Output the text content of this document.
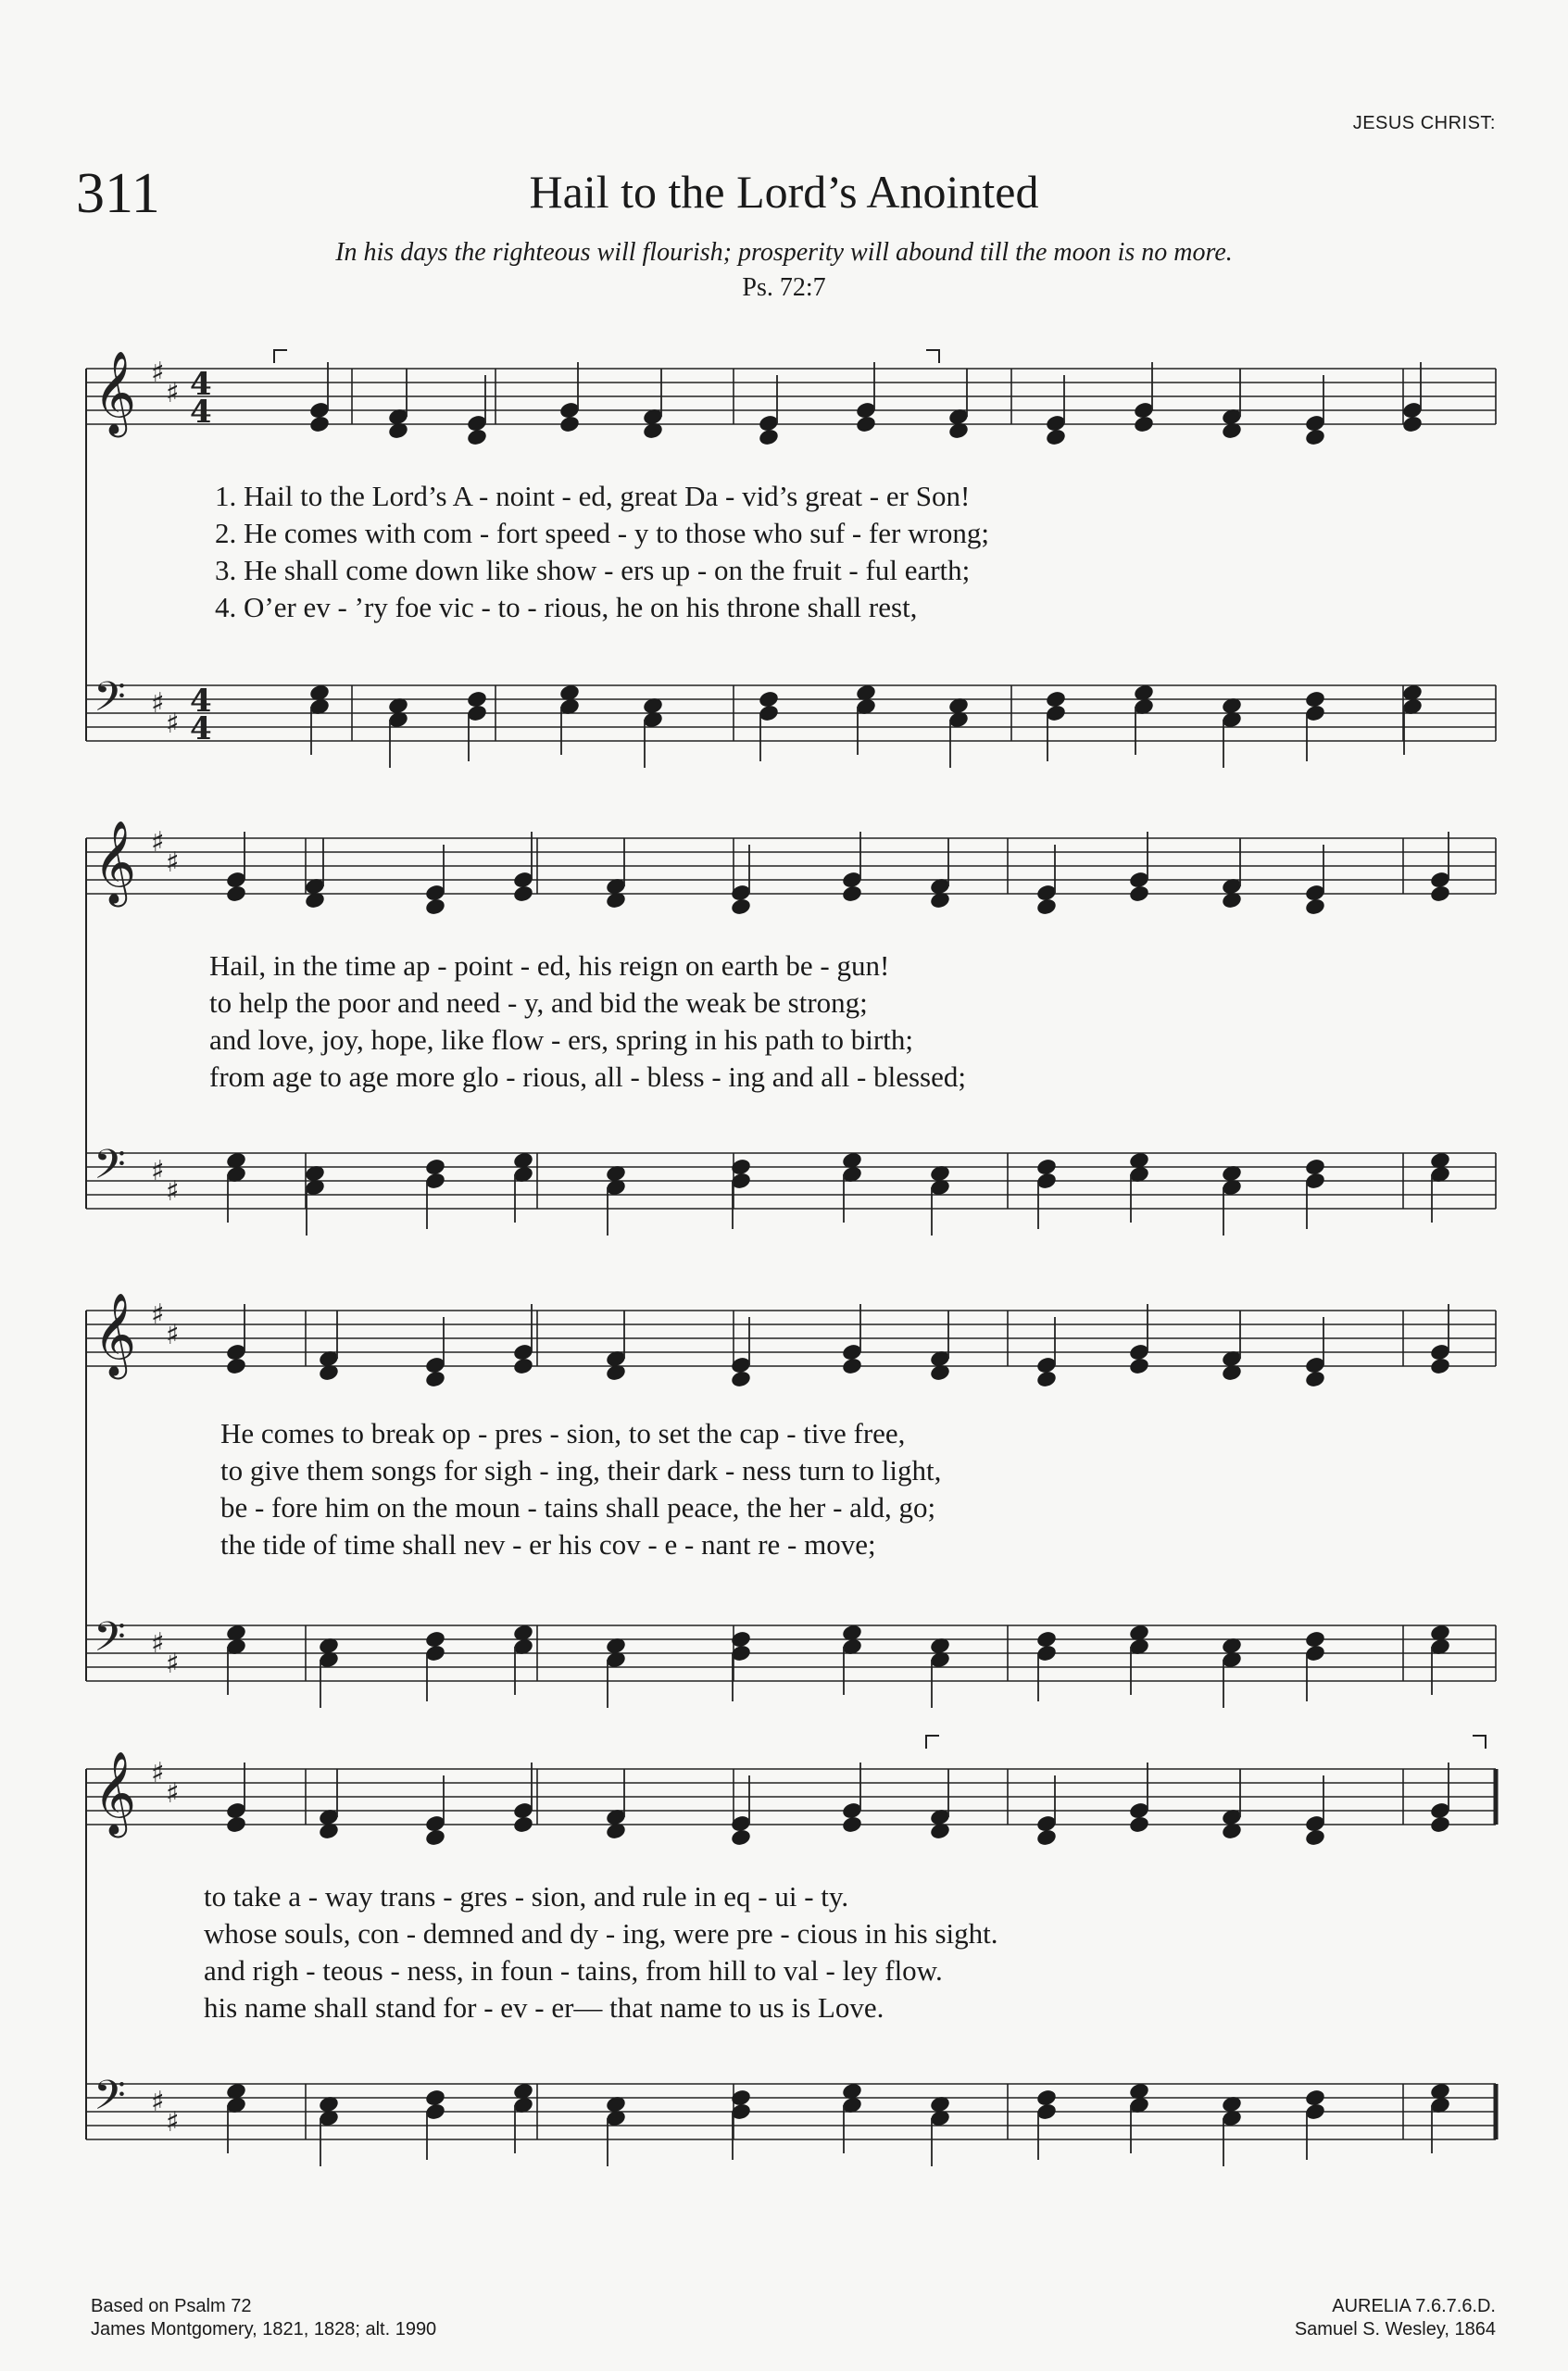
𝄞 ♯
♯ 4
4
𝄢 ♯
♯
4
4
𝄞 ♯
♯
𝄢 ♯
♯
𝄞 ♯
♯
𝄢 ♯
♯
𝄞 ♯
♯
𝄢 ♯
♯
JESUS CHRIST:
311	Hail to the Lord’s Anointed
In his days the righteous will flourish; prosperity will abound till the moon is no more.
Ps. 72:7
1. Hail to the Lord’s A - noint - ed, great Da - vid’s great - er Son!
2. He comes with com - fort speed - y to those who suf - fer wrong;
3. He shall come down like show - ers up - on the fruit - ful earth;
4. O’er ev - ’ry foe vic - to - rious, he on his throne shall rest,
Hail, in the time ap - point - ed, his reign on earth be - gun!
to help the poor and need - y, and bid the weak be strong;
and love, joy, hope, like flow - ers, spring in his path to birth;
from age to age more glo - rious, all - bless - ing and all - blessed;
He comes to break op - pres - sion, to set the cap - tive free,
to give them songs for sigh - ing, their dark - ness turn to light,
be - fore him on the moun - tains shall peace, the her - ald, go;
the tide of time shall nev - er his cov - e - nant re - move;
to take a - way trans - gres - sion, and rule in eq - ui - ty.
whose souls, con - demned and dy - ing, were pre - cious in his sight.
and righ - teous - ness, in foun - tains, from hill to val - ley flow.
his name shall stand for - ev - er— that name to us is Love.
Based on Psalm 72
James Montgomery, 1821, 1828; alt. 1990
AURELIA 7.6.7.6.D.
Samuel S. Wesley, 1864
